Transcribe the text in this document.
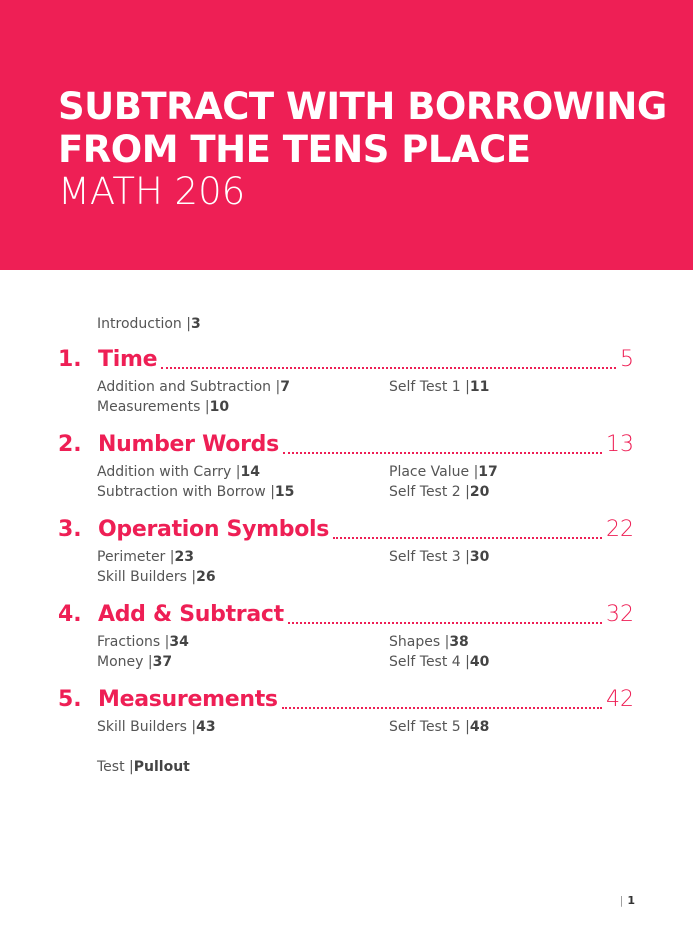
SUBTRACT WITH BORROWING
FROM THE TENS PLACE
MATH 206
Introduction |3
1. Time	5
Addition and Subtraction |7
Measurements |10
Self Test 1 |11
2. Number Words	13
Addition with Carry |14
Subtraction with Borrow |15
Place Value |17
Self Test 2 |20
3. Operation Symbols	22
Perimeter |23
Skill Builders |26
Self Test 3 |30
4. Add & Subtract	32
Fractions |34
Money |37
Shapes |38
Self Test 4 |40
5. Measurements	42
Skill Builders |43	Self Test 5 |48
Test |Pullout
| 1
